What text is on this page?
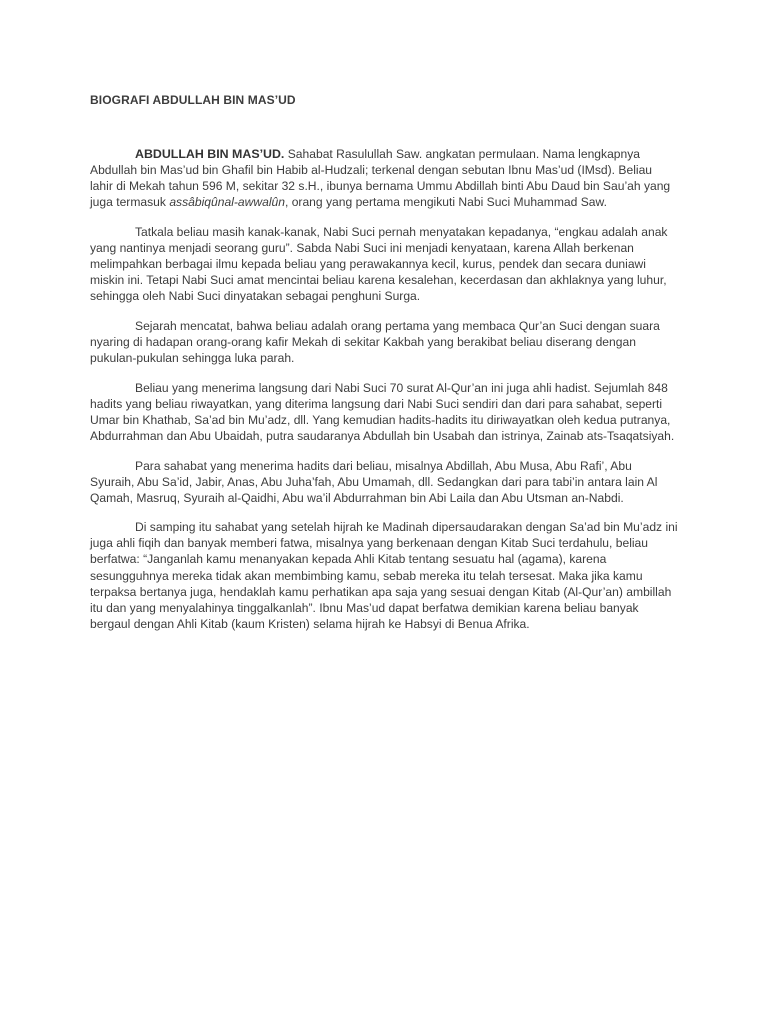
BIOGRAFI ABDULLAH BIN MAS’UD

ABDULLAH BIN MAS’UD. Sahabat Rasulullah Saw. angkatan permulaan. Nama lengkapnya Abdullah bin Mas’ud bin Ghafil bin Habib al-Hudzali; terkenal dengan sebutan Ibnu Mas’ud (IMsd). Beliau lahir di Mekah tahun 596 M, sekitar 32 s.H., ibunya bernama Ummu Abdillah binti Abu Daud bin Sau’ah yang juga termasuk assâbiqûnal-awwalûn, orang yang pertama mengikuti Nabi Suci Muhammad Saw.

Tatkala beliau masih kanak-kanak, Nabi Suci pernah menyatakan kepadanya, “engkau adalah anak yang nantinya menjadi seorang guru”. Sabda Nabi Suci ini menjadi kenyataan, karena Allah berkenan melimpahkan berbagai ilmu kepada beliau yang perawakannya kecil, kurus, pendek dan secara duniawi miskin ini. Tetapi Nabi Suci amat mencintai beliau karena kesalehan, kecerdasan dan akhlaknya yang luhur, sehingga oleh Nabi Suci dinyatakan sebagai penghuni Surga.

Sejarah mencatat, bahwa beliau adalah orang pertama yang membaca Qur’an Suci dengan suara nyaring di hadapan orang-orang kafir Mekah di sekitar Kakbah yang berakibat beliau diserang dengan pukulan-pukulan sehingga luka parah.

Beliau yang menerima langsung dari Nabi Suci 70 surat Al-Qur’an ini juga ahli hadist. Sejumlah 848 hadits yang beliau riwayatkan, yang diterima langsung dari Nabi Suci sendiri dan dari para sahabat, seperti Umar bin Khathab, Sa’ad bin Mu’adz, dll. Yang kemudian hadits-hadits itu diriwayatkan oleh kedua putranya, Abdurrahman dan Abu Ubaidah, putra saudaranya Abdullah bin Usabah dan istrinya, Zainab ats-Tsaqatsiyah.

Para sahabat yang menerima hadits dari beliau, misalnya Abdillah, Abu Musa, Abu Rafi’, Abu Syuraih, Abu Sa’id, Jabir, Anas, Abu Juha’fah, Abu Umamah, dll. Sedangkan dari para tabi’in antara lain Al Qamah, Masruq, Syuraih al-Qaidhi, Abu wa’il Abdurrahman bin Abi Laila dan Abu Utsman an-Nabdi.

Di samping itu sahabat yang setelah hijrah ke Madinah dipersaudarakan dengan Sa’ad bin Mu’adz ini juga ahli fiqih dan banyak memberi fatwa, misalnya yang berkenaan dengan Kitab Suci terdahulu, beliau berfatwa: “Janganlah kamu menanyakan kepada Ahli Kitab tentang sesuatu hal (agama), karena sesungguhnya mereka tidak akan membimbing kamu, sebab mereka itu telah tersesat. Maka jika kamu terpaksa bertanya juga, hendaklah kamu perhatikan apa saja yang sesuai dengan Kitab (Al-Qur’an) ambillah itu dan yang menyalahinya tinggalkanlah”. Ibnu Mas’ud dapat berfatwa demikian karena beliau banyak bergaul dengan Ahli Kitab (kaum Kristen) selama hijrah ke Habsyi di Benua Afrika.
